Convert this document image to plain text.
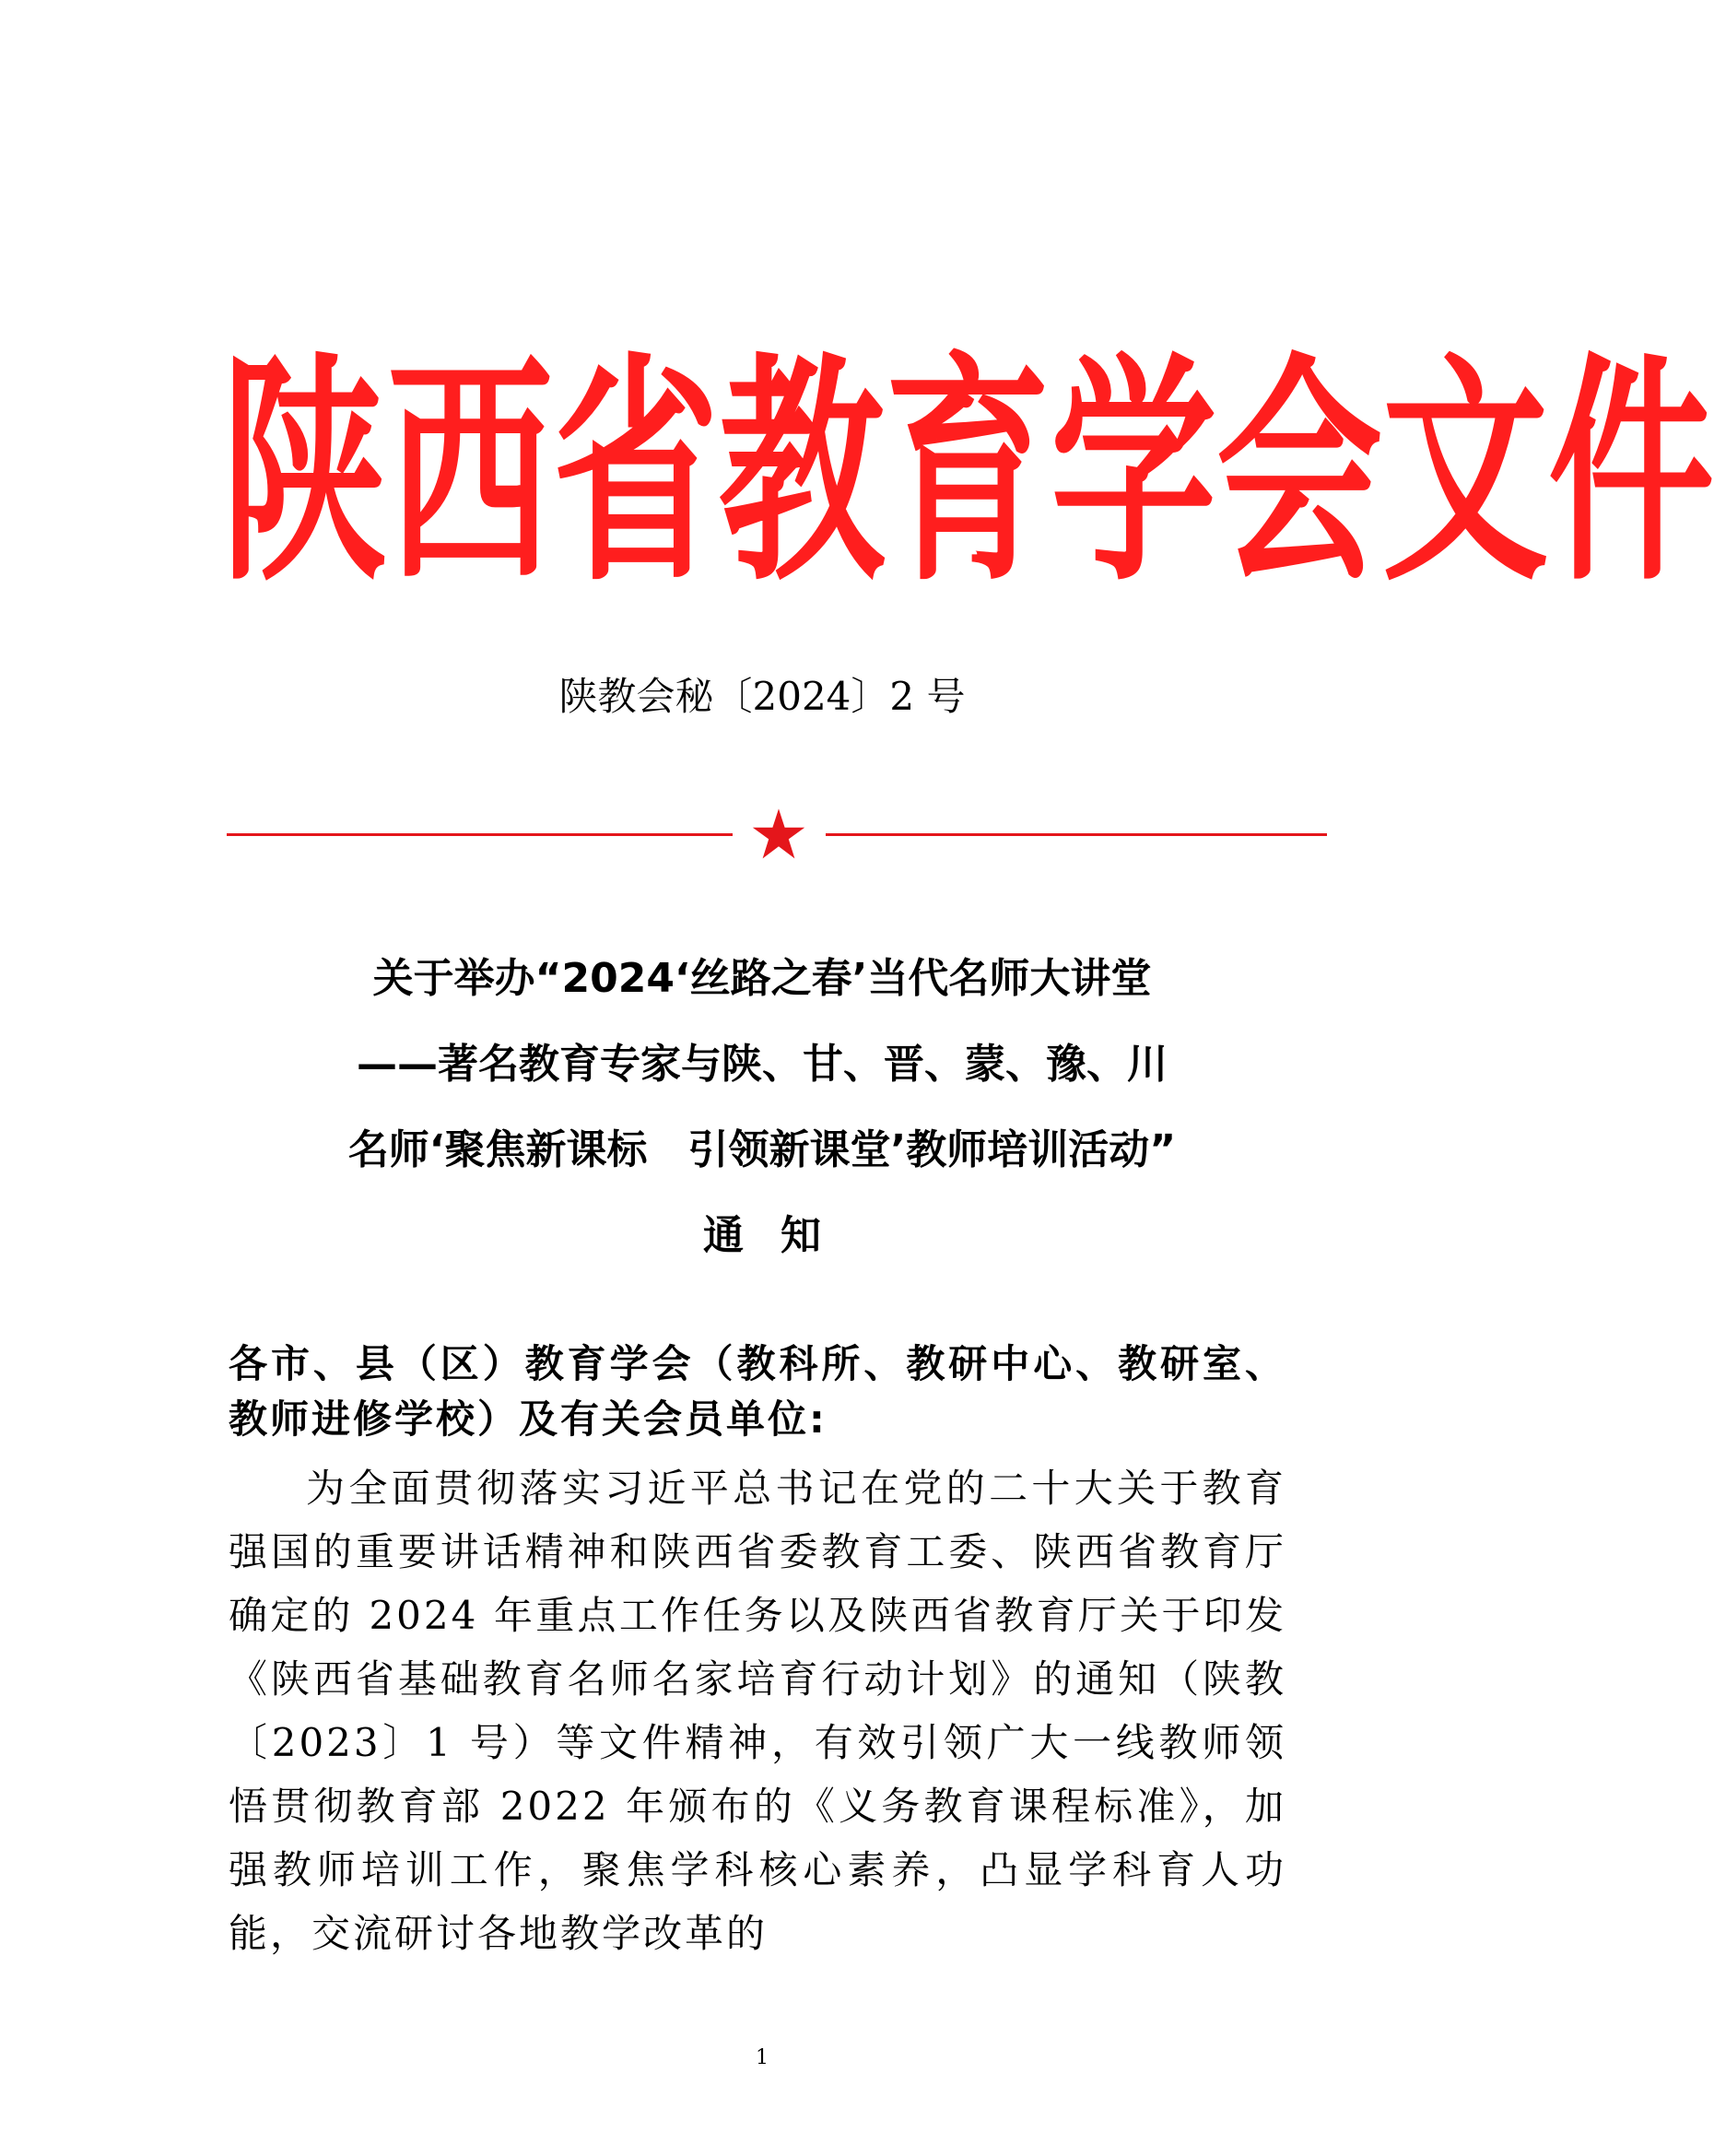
陕 西 省 教 育 学 会 文 件
陕教会秘〔2024〕2 号
关于举办“2024‘丝路之春’当代名师大讲堂
——著名教育专家与陕、甘、晋、蒙、豫、川
名师‘聚焦新课标　引领新课堂’教师培训活动”
通知

各市、县（区）教育学会（教科所、教研中心、教研室、教师进修学校）及有关会员单位:

为全面贯彻落实习近平总书记在党的二十大关于教育强国的重要讲话精神和陕西省委教育工委、陕西省教育厅确定的 2024 年重点工作任务以及陕西省教育厅关于印发《陕西省基础教育名师名家培育行动计划》的通知（陕教〔2023〕1 号）等文件精神，有效引领广大一线教师领悟贯彻教育部 2022 年颁布的《义务教育课程标准》，加强教师培训工作，聚焦学科核心素养，凸显学科育人功能，交流研讨各地教学改革的

1
